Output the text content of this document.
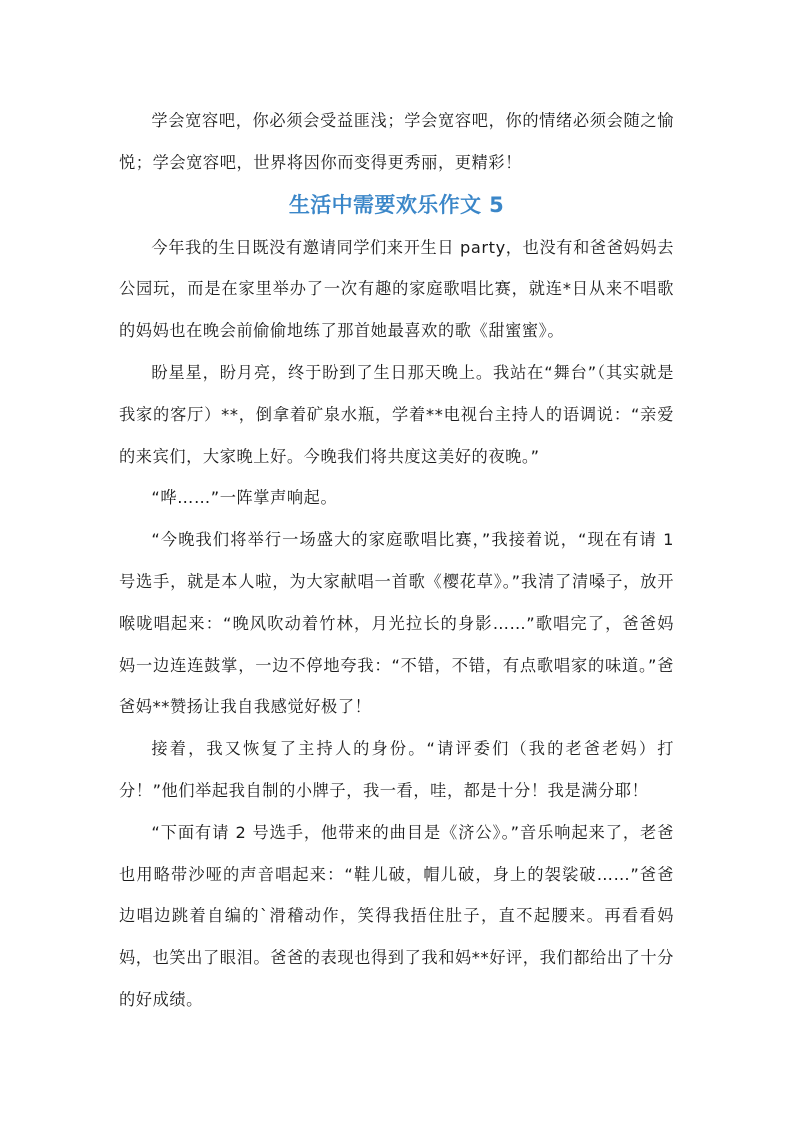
学会宽容吧，你必须会受益匪浅；学会宽容吧，你的情绪必须会随之愉悦；学会宽容吧，世界将因你而变得更秀丽，更精彩！

生活中需要欢乐作文 5

今年我的生日既没有邀请同学们来开生日 party，也没有和爸爸妈妈去公园玩，而是在家里举办了一次有趣的家庭歌唱比赛，就连*日从来不唱歌的妈妈也在晚会前偷偷地练了那首她最喜欢的歌《甜蜜蜜》。

盼星星，盼月亮，终于盼到了生日那天晚上。我站在“舞台”（其实就是我家的客厅）**，倒拿着矿泉水瓶，学着**电视台主持人的语调说：“亲爱的来宾们，大家晚上好。今晚我们将共度这美好的夜晚。”

“哗……”一阵掌声响起。

“今晚我们将举行一场盛大的家庭歌唱比赛，”我接着说，“现在有请 1 号选手，就是本人啦，为大家献唱一首歌《樱花草》。”我清了清嗓子，放开喉咙唱起来：“晚风吹动着竹林，月光拉长的身影……”歌唱完了，爸爸妈妈一边连连鼓掌，一边不停地夸我：“不错，不错，有点歌唱家的味道。”爸爸妈**赞扬让我自我感觉好极了！

接着，我又恢复了主持人的身份。“请评委们（我的老爸老妈）打分！”他们举起我自制的小牌子，我一看，哇，都是十分！我是满分耶！

“下面有请 2 号选手，他带来的曲目是《济公》。”音乐响起来了，老爸也用略带沙哑的声音唱起来：“鞋儿破，帽儿破，身上的袈裟破……”爸爸边唱边跳着自编的`滑稽动作，笑得我捂住肚子，直不起腰来。再看看妈妈，也笑出了眼泪。爸爸的表现也得到了我和妈**好评，我们都给出了十分的好成绩。
